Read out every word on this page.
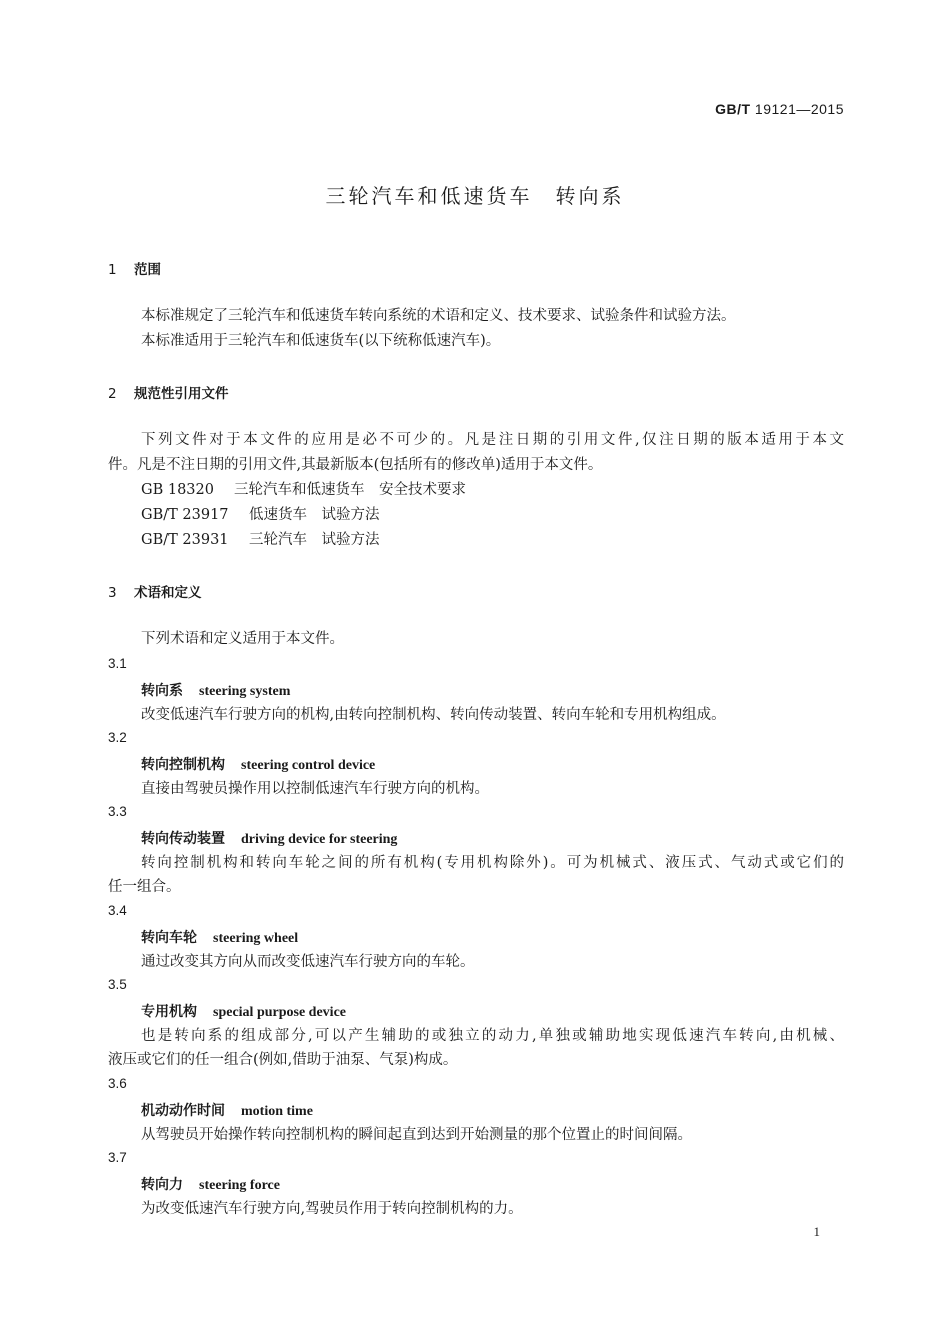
GB/T 19121—2015
三轮汽车和低速货车　转向系
1 范围
本标准规定了三轮汽车和低速货车转向系统的术语和定义、技术要求、试验条件和试验方法。
本标准适用于三轮汽车和低速货车(以下统称低速汽车)。
2 规范性引用文件
下列文件对于本文件的应用是必不可少的。凡是注日期的引用文件,仅注日期的版本适用于本文
件。凡是不注日期的引用文件,其最新版本(包括所有的修改单)适用于本文件。
GB 18320 三轮汽车和低速货车　安全技术要求
GB/T 23917 低速货车　试验方法
GB/T 23931 三轮汽车　试验方法
3 术语和定义
下列术语和定义适用于本文件。
3.1
转向系 steering system
改变低速汽车行驶方向的机构,由转向控制机构、转向传动装置、转向车轮和专用机构组成。
3.2
转向控制机构 steering control device
直接由驾驶员操作用以控制低速汽车行驶方向的机构。
3.3
转向传动装置 driving device for steering
转向控制机构和转向车轮之间的所有机构(专用机构除外)。可为机械式、液压式、气动式或它们的
任一组合。
3.4
转向车轮 steering wheel
通过改变其方向从而改变低速汽车行驶方向的车轮。
3.5
专用机构 special purpose device
也是转向系的组成部分,可以产生辅助的或独立的动力,单独或辅助地实现低速汽车转向,由机械、
液压或它们的任一组合(例如,借助于油泵、气泵)构成。
3.6
机动动作时间 motion time
从驾驶员开始操作转向控制机构的瞬间起直到达到开始测量的那个位置止的时间间隔。
3.7
转向力 steering force
为改变低速汽车行驶方向,驾驶员作用于转向控制机构的力。
1
